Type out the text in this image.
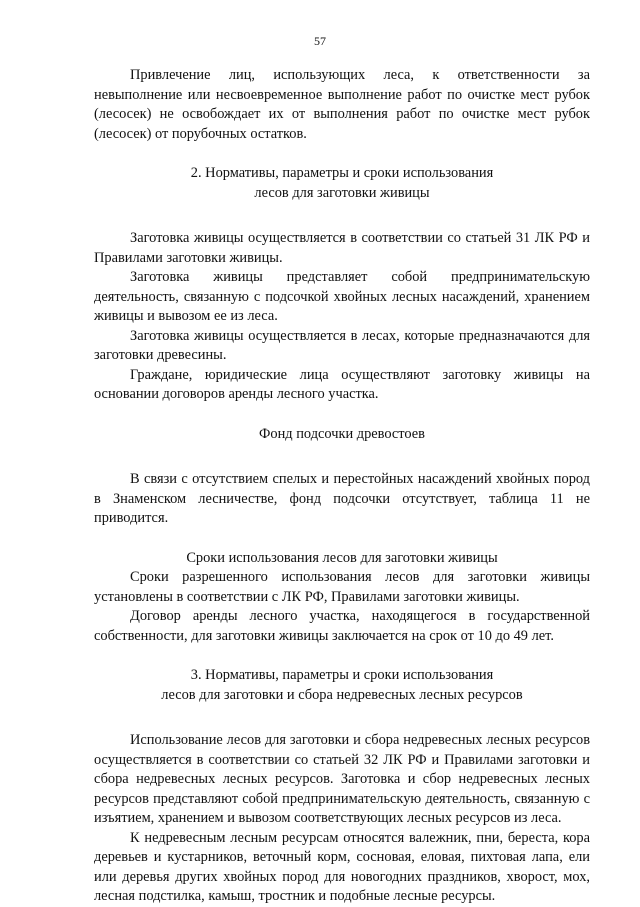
57

Привлечение лиц, использующих леса, к ответственности за невыполнение или несвоевременное выполнение работ по очистке мест рубок (лесосек) не освобождает их от выполнения работ по очистке мест рубок (лесосек) от порубочных остатков.

2. Нормативы, параметры и сроки использования
лесов для заготовки живицы

Заготовка живицы осуществляется в соответствии со статьей 31 ЛК РФ и Правилами заготовки живицы.

Заготовка живицы представляет собой предпринимательскую деятельность, связанную с подсочкой хвойных лесных насаждений, хранением живицы и вывозом ее из леса.

Заготовка живицы осуществляется в лесах, которые предназначаются для заготовки древесины.

Граждане, юридические лица осуществляют заготовку живицы на основании договоров аренды лесного участка.

Фонд подсочки древостоев

В связи с отсутствием спелых и перестойных насаждений хвойных пород в Знаменском лесничестве, фонд подсочки отсутствует, таблица 11 не приводится.

Сроки использования лесов для заготовки живицы

Сроки разрешенного использования лесов для заготовки живицы установлены в соответствии с ЛК РФ, Правилами заготовки живицы.

Договор аренды лесного участка, находящегося в государственной собственности, для заготовки живицы заключается на срок от 10 до 49 лет.

3. Нормативы, параметры и сроки использования
лесов для заготовки и сбора недревесных лесных ресурсов

Использование лесов для заготовки и сбора недревесных лесных ресурсов осуществляется в соответствии со статьей 32 ЛК РФ и Правилами заготовки и сбора недревесных лесных ресурсов. Заготовка и сбор недревесных лесных ресурсов представляют собой предпринимательскую деятельность, связанную с изъятием, хранением и вывозом соответствующих лесных ресурсов из леса.

К недревесным лесным ресурсам относятся валежник, пни, береста, кора деревьев и кустарников, веточный корм, сосновая, еловая, пихтовая лапа, ели или деревья других хвойных пород для новогодних праздников, хворост, мох, лесная подстилка, камыш, тростник и подобные лесные ресурсы.
